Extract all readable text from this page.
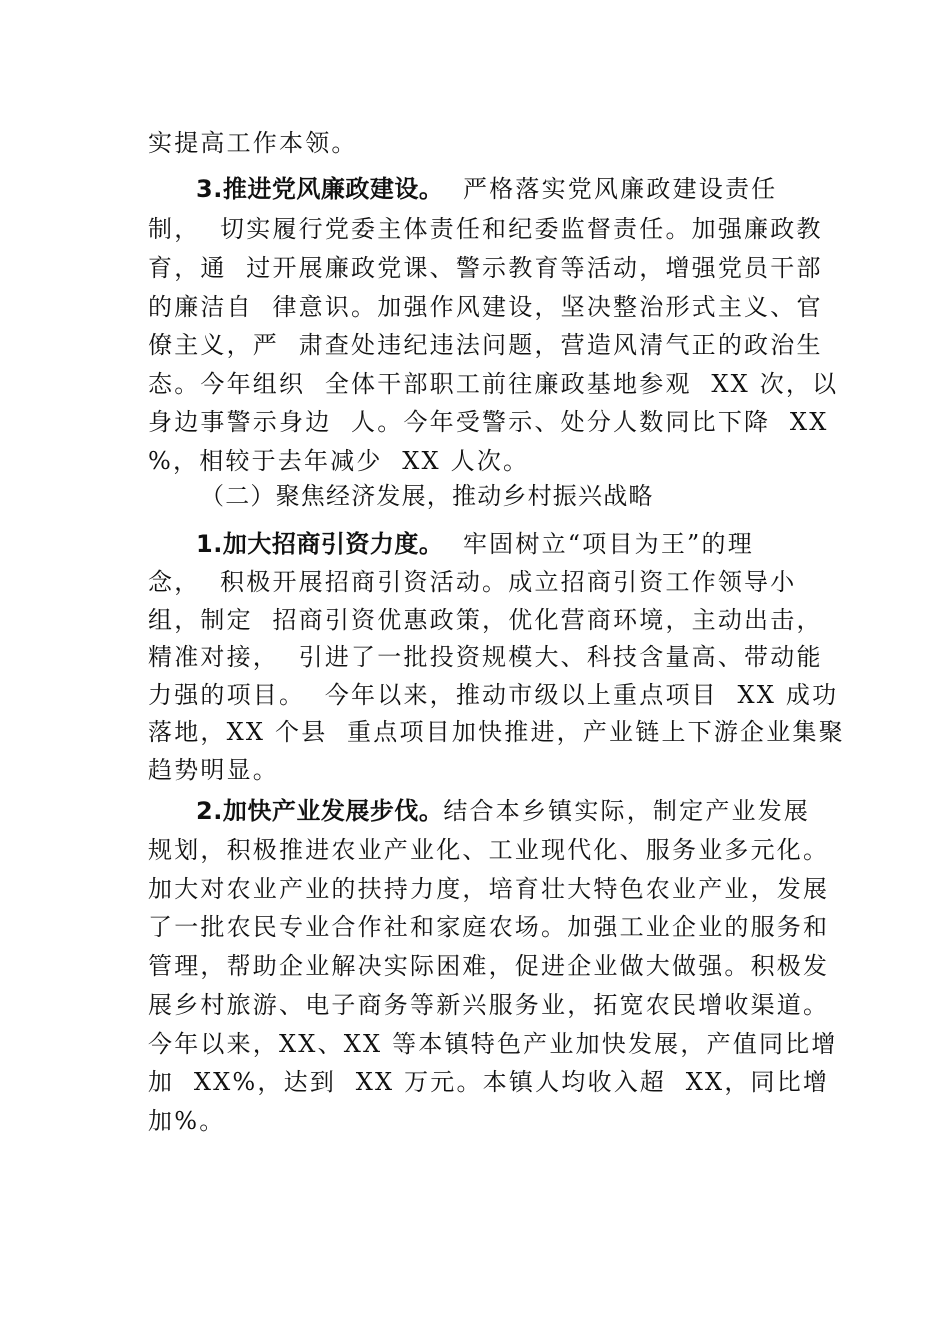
实提高工作本领。
3.推进党风廉政建设。  严格落实党风廉政建设责任
制，  切实履行党委主体责任和纪委监督责任。加强廉政教
育，通  过开展廉政党课、警示教育等活动，增强党员干部
的廉洁自  律意识。加强作风建设，坚决整治形式主义、官
僚主义，严  肃查处违纪违法问题，营造风清气正的政治生
态。今年组织  全体干部职工前往廉政基地参观  XX 次，以
身边事警示身边  人。今年受警示、处分人数同比下降  XX
%，相较于去年减少  XX 人次。
（二）聚焦经济发展，推动乡村振兴战略
1.加大招商引资力度。  牢固树立“项目为王”的理
念，  积极开展招商引资活动。成立招商引资工作领导小
组，制定  招商引资优惠政策，优化营商环境，主动出击，
精准对接，  引进了一批投资规模大、科技含量高、带动能
力强的项目。  今年以来，推动市级以上重点项目  XX 成功
落地，XX 个县  重点项目加快推进，产业链上下游企业集聚
趋势明显。
2.加快产业发展步伐。结合本乡镇实际，制定产业发展
规划，积极推进农业产业化、工业现代化、服务业多元化。
加大对农业产业的扶持力度，培育壮大特色农业产业，发展
了一批农民专业合作社和家庭农场。加强工业企业的服务和
管理，帮助企业解决实际困难，促进企业做大做强。积极发
展乡村旅游、电子商务等新兴服务业，拓宽农民增收渠道。
今年以来，XX、XX 等本镇特色产业加快发展，产值同比增
加  XX%，达到  XX 万元。本镇人均收入超  XX，同比增
加%。
